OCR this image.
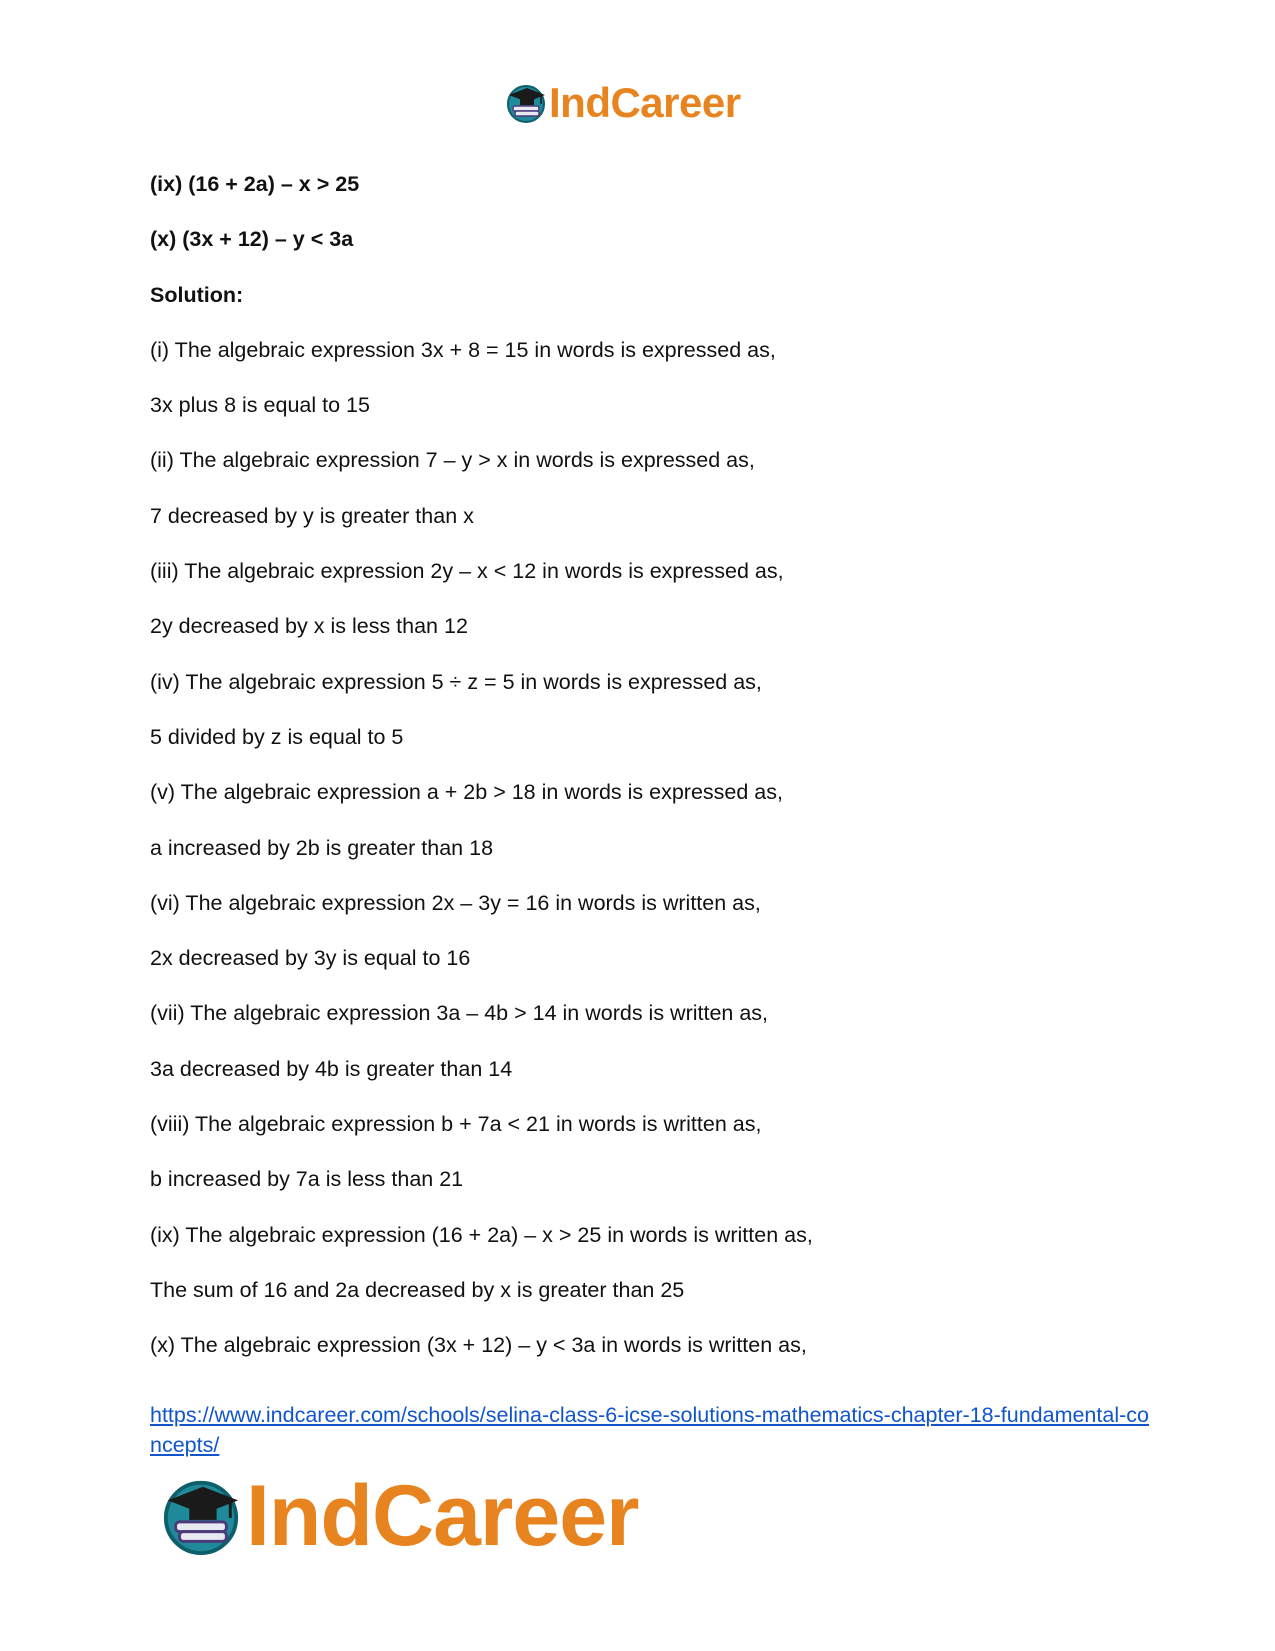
IndCareer
(ix) (16 + 2a) – x > 25
(x) (3x + 12) – y < 3a
Solution:
(i) The algebraic expression 3x + 8 = 15 in words is expressed as,
3x plus 8 is equal to 15
(ii) The algebraic expression 7 – y > x in words is expressed as,
7 decreased by y is greater than x
(iii) The algebraic expression 2y – x < 12 in words is expressed as,
2y decreased by x is less than 12
(iv) The algebraic expression 5 ÷ z = 5 in words is expressed as,
5 divided by z is equal to 5
(v) The algebraic expression a + 2b > 18 in words is expressed as,
a increased by 2b is greater than 18
(vi) The algebraic expression 2x – 3y = 16 in words is written as,
2x decreased by 3y is equal to 16
(vii) The algebraic expression 3a – 4b > 14 in words is written as,
3a decreased by 4b is greater than 14
(viii) The algebraic expression b + 7a < 21 in words is written as,
b increased by 7a is less than 21
(ix) The algebraic expression (16 + 2a) – x > 25 in words is written as,
The sum of 16 and 2a decreased by x is greater than 25
(x) The algebraic expression (3x + 12) – y < 3a in words is written as,
https://www.indcareer.com/schools/selina-class-6-icse-solutions-mathematics-chapter-18-fundamental-concepts/
IndCareer
